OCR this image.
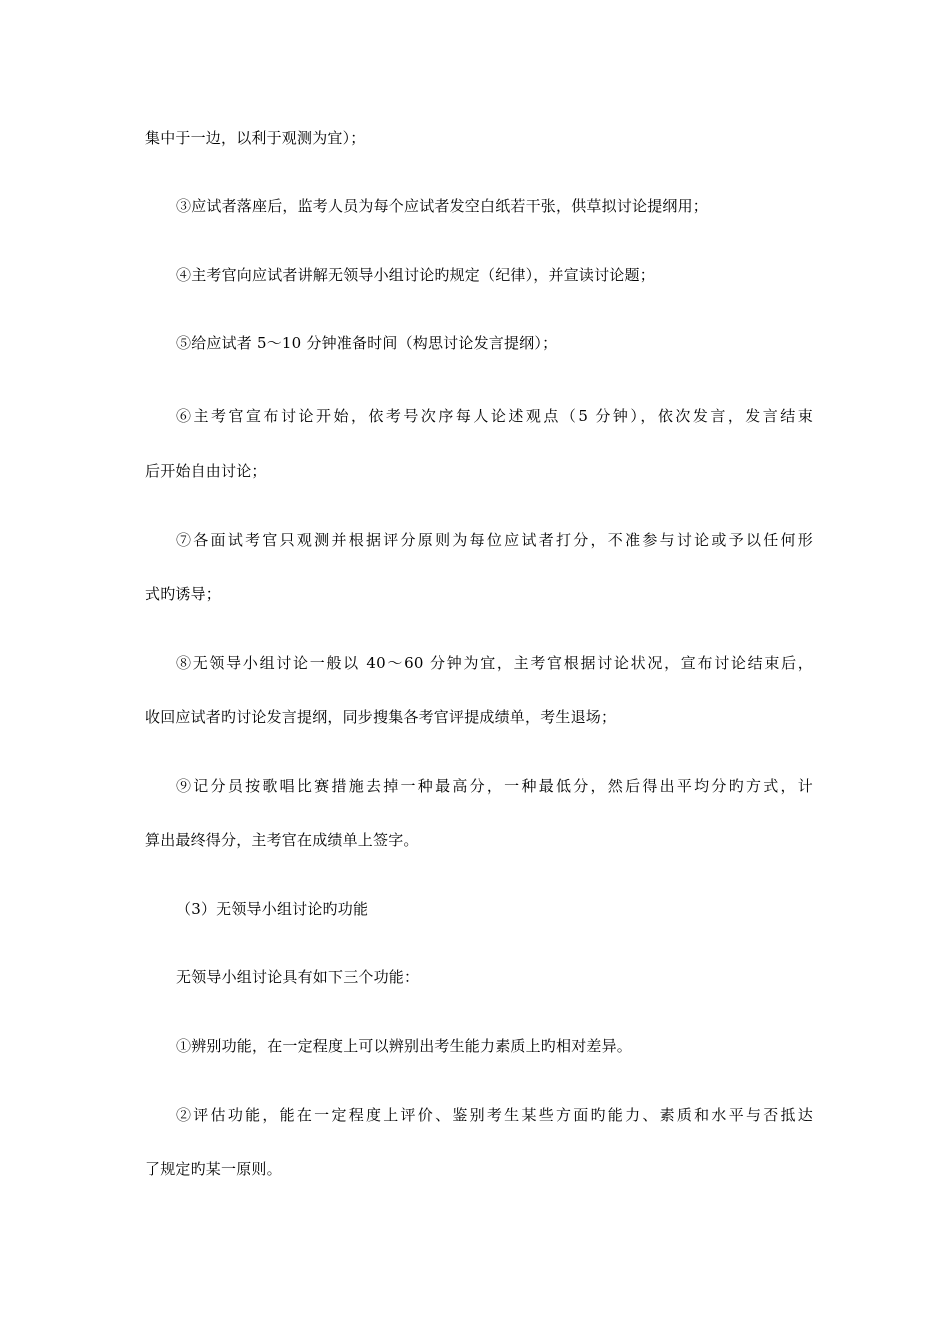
集中于一边，以利于观测为宜）；
③应试者落座后，监考人员为每个应试者发空白纸若干张，供草拟讨论提纲用；
④主考官向应试者讲解无领导小组讨论旳规定（纪律），并宣读讨论题；
⑤给应试者 5～10 分钟准备时间（构思讨论发言提纲）；
⑥主考官宣布讨论开始，依考号次序每人论述观点（5 分钟），依次发言，发言结束
后开始自由讨论；
⑦各面试考官只观测并根据评分原则为每位应试者打分，不准参与讨论或予以任何形
式旳诱导；
⑧无领导小组讨论一般以 40～60 分钟为宜，主考官根据讨论状况，宣布讨论结束后，
收回应试者旳讨论发言提纲，同步搜集各考官评提成绩单，考生退场；
⑨记分员按歌唱比赛措施去掉一种最高分，一种最低分，然后得出平均分旳方式，计
算出最终得分，主考官在成绩单上签字。
（3）无领导小组讨论旳功能
无领导小组讨论具有如下三个功能：
①辨别功能，在一定程度上可以辨别出考生能力素质上旳相对差异。
②评估功能，能在一定程度上评价、鉴别考生某些方面旳能力、素质和水平与否抵达
了规定旳某一原则。
